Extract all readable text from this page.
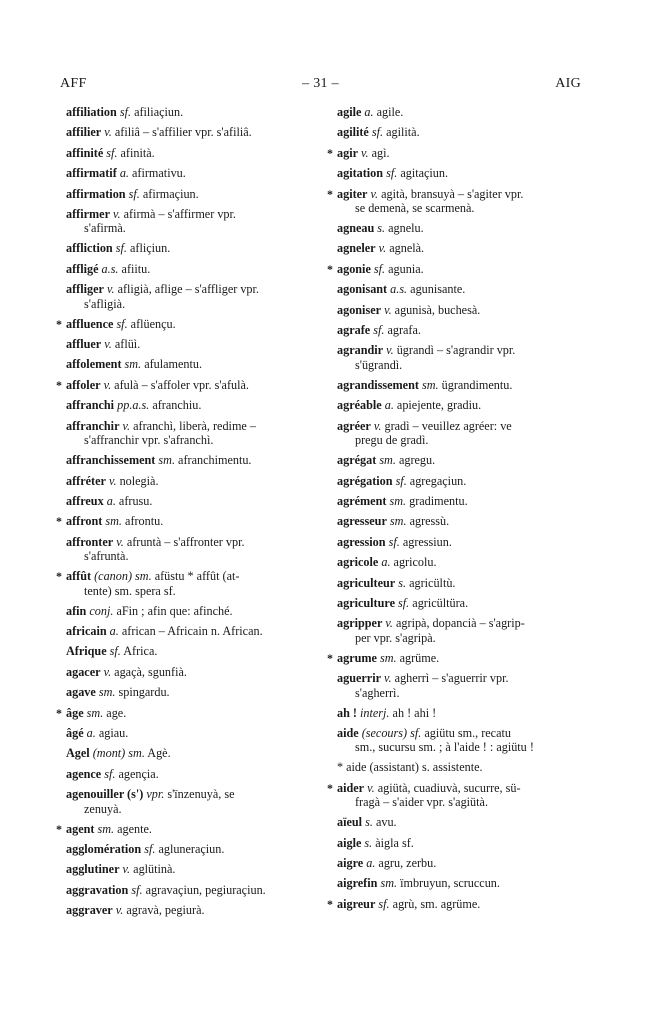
AFF	– 31 –	AIG
affiliation sf. afiliaçiun.
affilier v. afiliâ – s'affilier vpr. s'afiliâ.
affinité sf. afinità.
affirmatif a. afirmativu.
affirmation sf. afirmaçiun.
affirmer v. afirmà – s'affirmer vpr.
s'afirmà.
affliction sf. afliçiun.
affligé a.s. afiitu.
affliger v. afligià, aflige – s'affliger vpr.
s'afligià.
* affluence sf. aflüençu.
affluer v. aflüì.
affolement sm. afulamentu.
* affoler v. afulà – s'affoler vpr. s'afulà.
affranchi pp.a.s. afranchiu.
affranchir v. afranchì, liberà, redime –
s'affranchir vpr. s'afranchì.
affranchissement sm. afranchimentu.
affréter v. nolegià.
affreux a. afrusu.
* affront sm. afrontu.
affronter v. afruntà – s'affronter vpr.
s'afruntà.
* affût (canon) sm. afüstu * affût (at-
tente) sm. spera sf.
afin conj. aFin ; afin que: afinché.
africain a. african – Africain n. African.
Afrique sf. Africa.
agacer v. agaçà, sgunfià.
agave sm. spingardu.
* âge sm. age.
âgé a. agiau.
Agel (mont) sm. Agè.
agence sf. agençia.
agenouiller (s') vpr. s'ïnzenuyà, se
zenuyà.
* agent sm. agente.
agglomération sf. agluneraçiun.
agglutiner v. aglütinà.
aggravation sf. agravaçiun, pegiuraçiun.
aggraver v. agravà, pegiurà.
agile a. agile.
agilité sf. agilità.
* agir v. agì.
agitation sf. agitaçiun.
* agiter v. agità, bransuyà – s'agiter vpr.
se demenà, se scarmenà.
agneau s. agnelu.
agneler v. agnelà.
* agonie sf. agunia.
agonisant a.s. agunisante.
agoniser v. agunisà, buchesà.
agrafe sf. agrafa.
agrandir v. ügrandì – s'agrandir vpr.
s'ügrandì.
agrandissement sm. ügrandimentu.
agréable a. apiejente, gradiu.
agréer v. gradì – veuillez agréer: ve
pregu de gradì.
agrégat sm. agregu.
agrégation sf. agregaçiun.
agrément sm. gradimentu.
agresseur sm. agressù.
agression sf. agressiun.
agricole a. agricolu.
agriculteur s. agricültù.
agriculture sf. agricültüra.
agripper v. agripà, dopancià – s'agrip-
per vpr. s'agripà.
* agrume sm. agrüme.
aguerrir v. agherrì – s'aguerrir vpr.
s'agherrì.
ah ! interj. ah ! ahi !
aide (secours) sf. agiütu sm., recatu
sm., sucursu sm. ; à l'aide ! : agiütu !
* aide (assistant) s. assistente.
* aider v. agiütà, cuadiuvà, sucurre, sü-
fragà – s'aider vpr. s'agiütà.
aïeul s. avu.
aigle s. àigla sf.
aigre a. agru, zerbu.
aigrefin sm. ïmbruyun, scruccun.
* aigreur sf. agrù, sm. agrüme.
